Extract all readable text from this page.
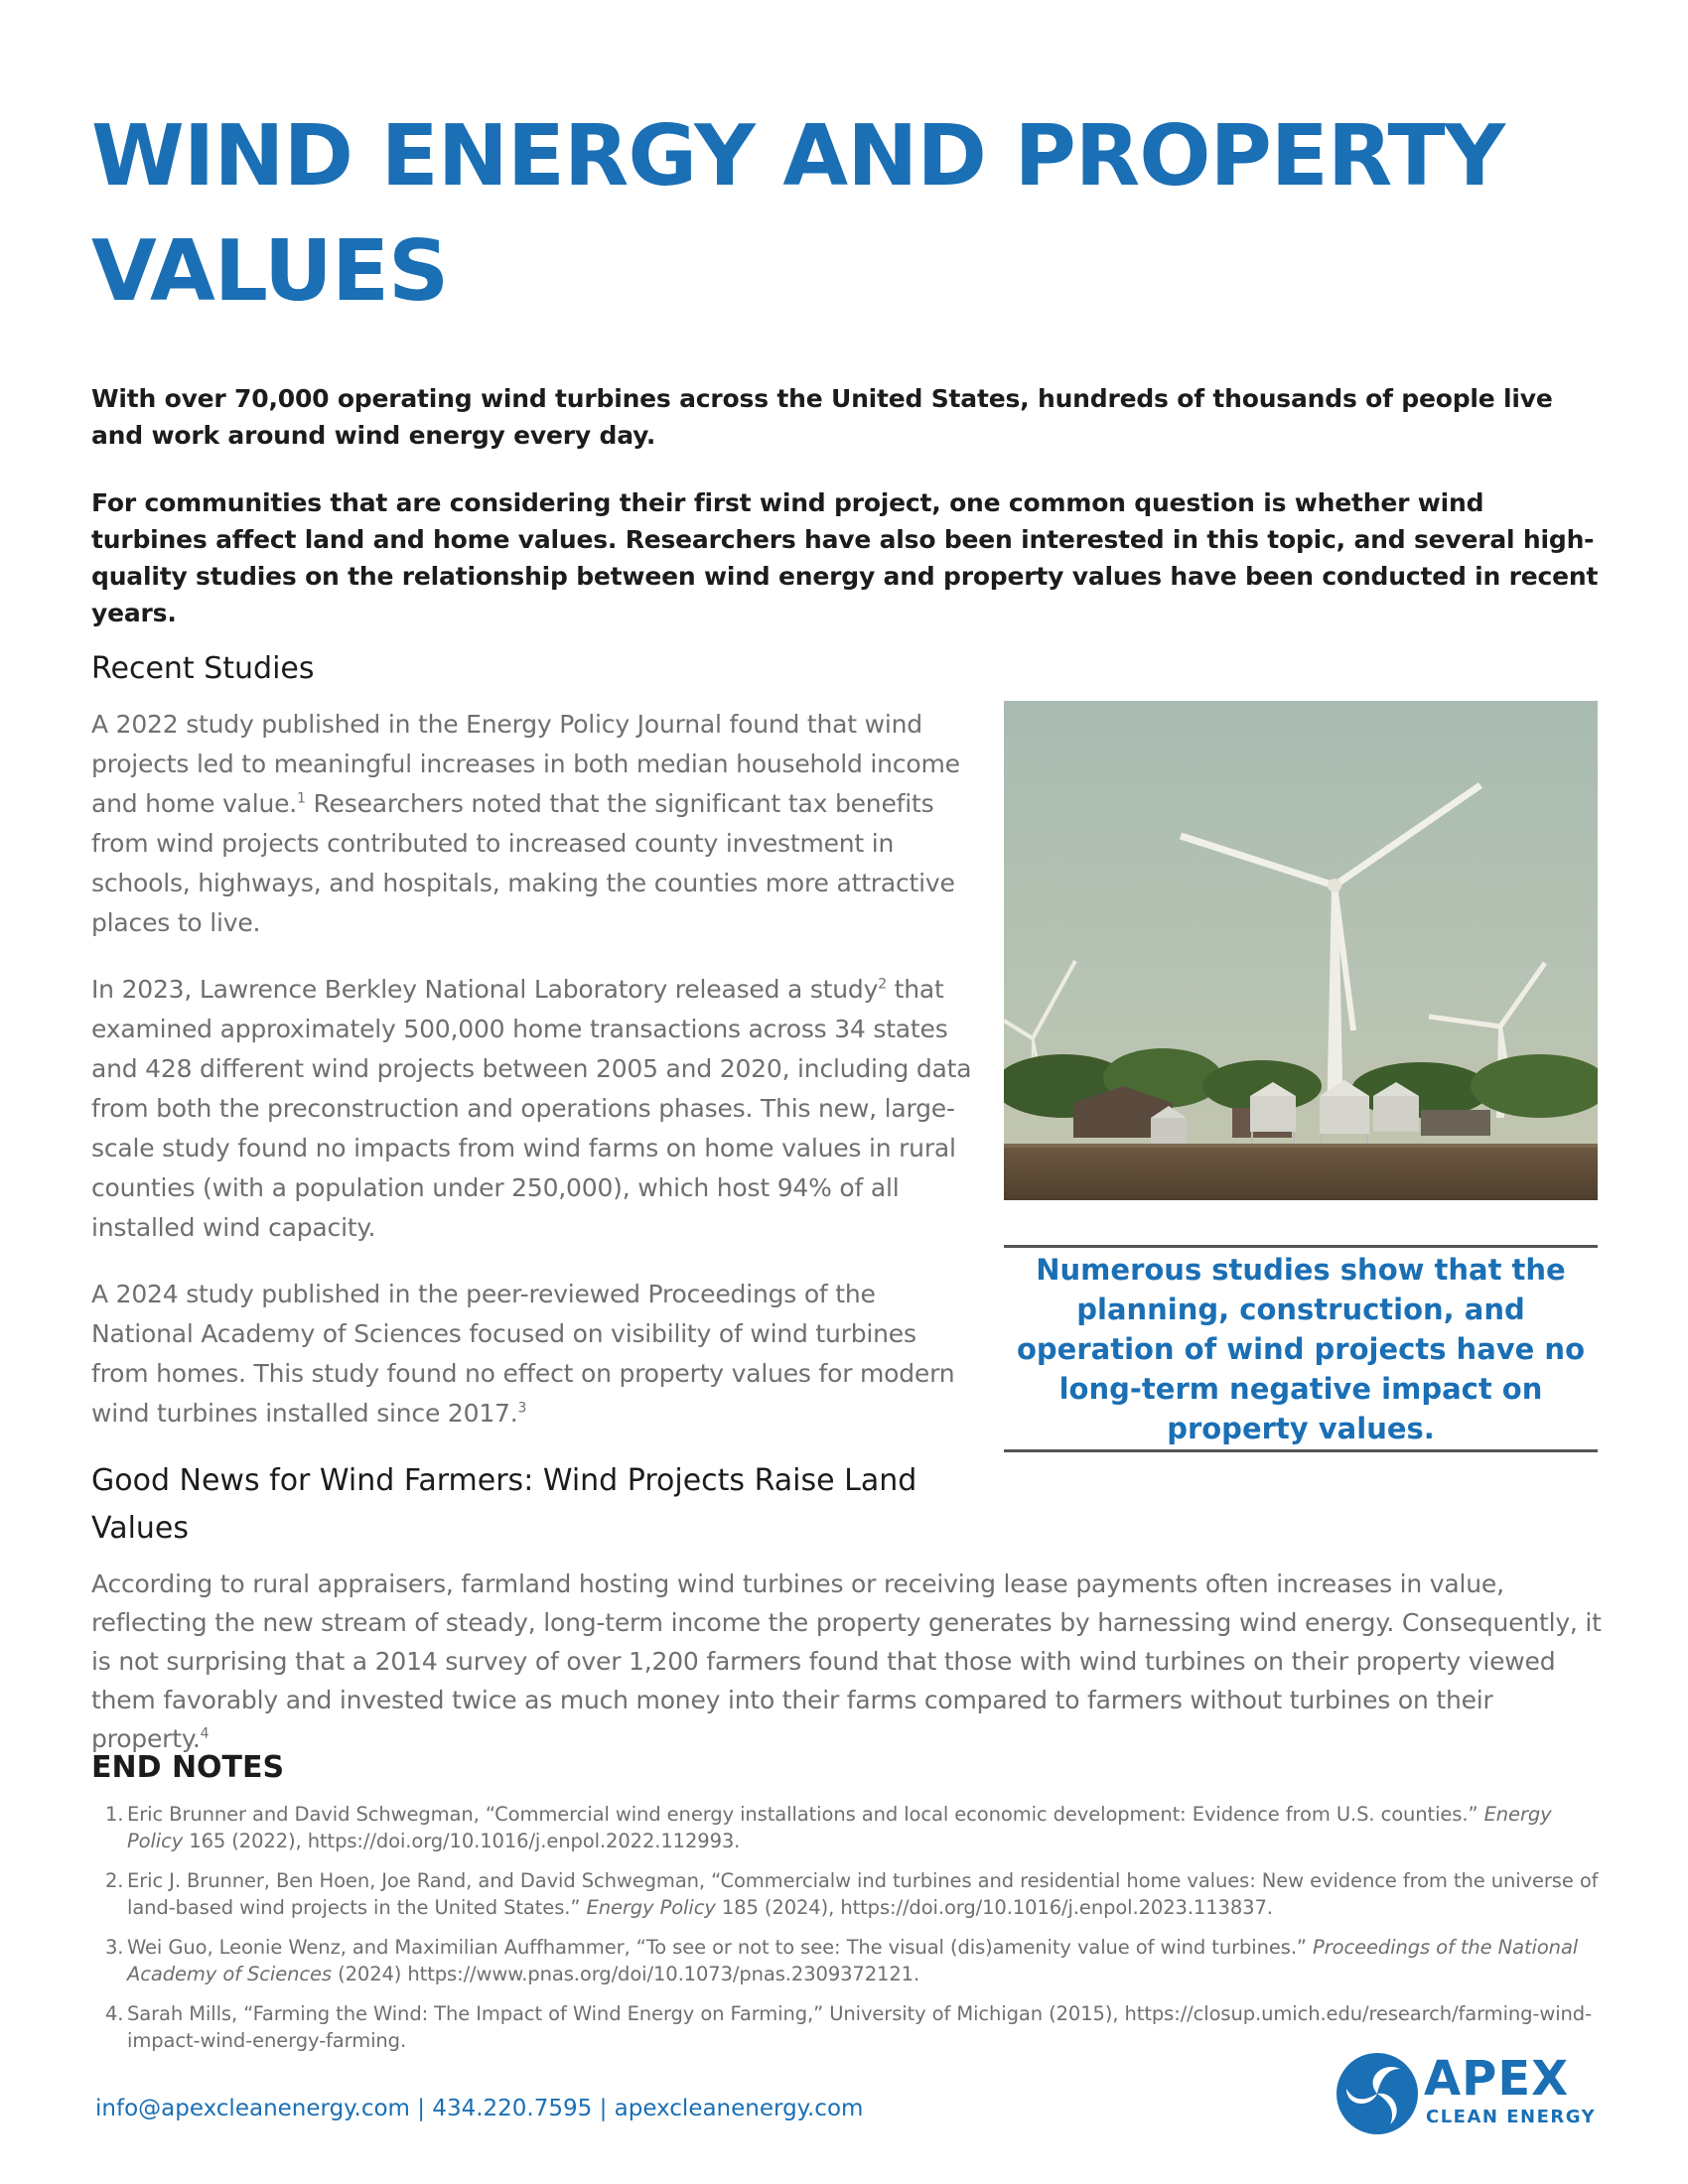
WIND ENERGY AND PROPERTY VALUES
With over 70,000 operating wind turbines across the United States, hundreds of thousands of people live and work around wind energy every day.
For communities that are considering their first wind project, one common question is whether wind turbines affect land and home values. Researchers have also been interested in this topic, and several high-quality studies on the relationship between wind energy and property values have been conducted in recent years.
Recent Studies

A 2022 study published in the Energy Policy Journal found that wind projects led to meaningful increases in both median household income and home value.$^1$ Researchers noted that the significant tax benefits from wind projects contributed to increased county investment in schools, highways, and hospitals, making the counties more attractive places to live.

In 2023, Lawrence Berkley National Laboratory released a study$^2$ that examined approximately 500,000 home transactions across 34 states and 428 different wind projects between 2005 and 2020, including data from both the preconstruction and operations phases. This new, large-scale study found no impacts from wind farms on home values in rural counties (with a population under 250,000), which host 94% of all installed wind capacity.

A 2024 study published in the peer-reviewed Proceedings of the National Academy of Sciences focused on visibility of wind turbines from homes. This study found no effect on property values for modern wind turbines installed since 2017.$^3$

Numerous studies show that the planning, construction, and operation of wind projects have no long-term negative impact on property values.
Good News for Wind Farmers: Wind Projects Raise Land Values

According to rural appraisers, farmland hosting wind turbines or receiving lease payments often increases in value, reflecting the new stream of steady, long-term income the property generates by harnessing wind energy. Consequently, it is not surprising that a 2014 survey of over 1,200 farmers found that those with wind turbines on their property viewed them favorably and invested twice as much money into their farms compared to farmers without turbines on their property.$^4$

END NOTES
1. Eric Brunner and David Schwegman, “Commercial wind energy installations and local economic development: Evidence from U.S. counties.” Energy Policy 165 (2022), https://doi.org/10.1016/j.enpol.2022.112993.
2. Eric J. Brunner, Ben Hoen, Joe Rand, and David Schwegman, “Commercialw ind turbines and residential home values: New evidence from the universe of land-based wind projects in the United States.” Energy Policy 185 (2024), https://doi.org/10.1016/j.enpol.2023.113837.
3. Wei Guo, Leonie Wenz, and Maximilian Auffhammer, “To see or not to see: The visual (dis)amenity value of wind turbines.” Proceedings of the National Academy of Sciences (2024) https://www.pnas.org/doi/10.1073/pnas.2309372121.
4. Sarah Mills, “Farming the Wind: The Impact of Wind Energy on Farming,” University of Michigan (2015), https://closup.umich.edu/research/farming-wind-impact-wind-energy-farming.
info@apexcleanenergy.com | 434.220.7595 | apexcleanenergy.com
APEX
CLEAN ENERGY
